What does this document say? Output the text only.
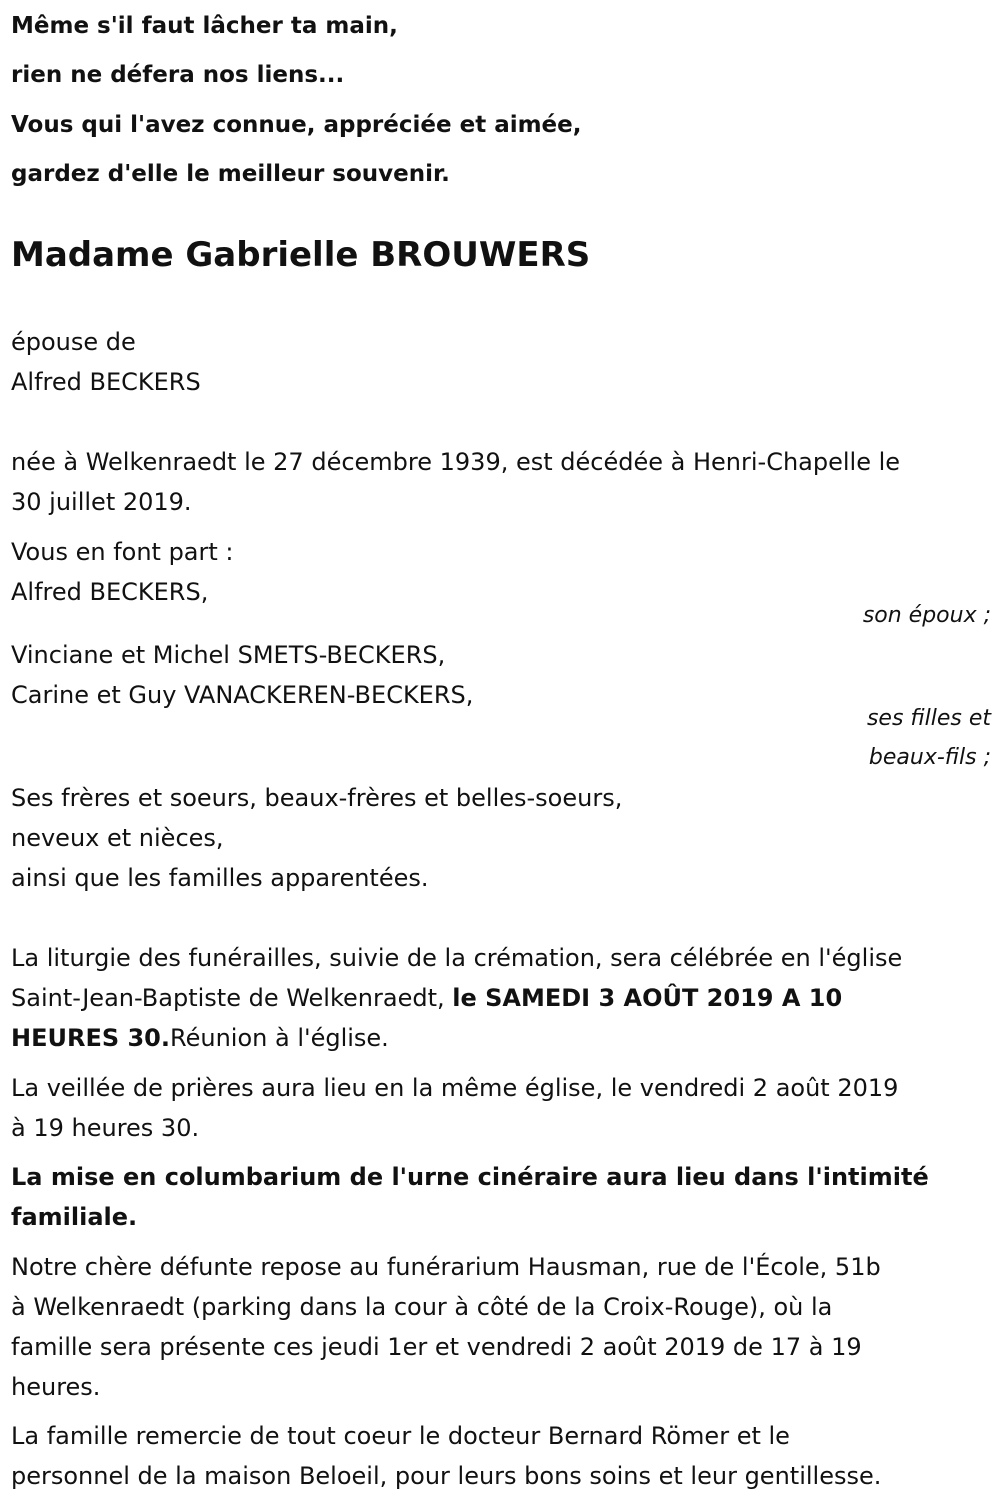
Même s'il faut lâcher ta main,
rien ne défera nos liens...
Vous qui l'avez connue, appréciée et aimée,
gardez d'elle le meilleur souvenir.
Madame Gabrielle BROUWERS
épouse de
Alfred BECKERS
née à Welkenraedt le 27 décembre 1939, est décédée à Henri-Chapelle le
30 juillet 2019.
Vous en font part :
Alfred BECKERS,
son époux ;
Vinciane et Michel SMETS-BECKERS,
Carine et Guy VANACKEREN-BECKERS,
ses filles et
beaux-fils ;
Ses frères et soeurs, beaux-frères et belles-soeurs,
neveux et nièces,
ainsi que les familles apparentées.
La liturgie des funérailles, suivie de la crémation, sera célébrée en l'église
Saint-Jean-Baptiste de Welkenraedt, le SAMEDI 3 AOÛT 2019 A 10
HEURES 30.Réunion à l'église.
La veillée de prières aura lieu en la même église, le vendredi 2 août 2019
à 19 heures 30.
La mise en columbarium de l'urne cinéraire aura lieu dans l'intimité
familiale.
Notre chère défunte repose au funérarium Hausman, rue de l'École, 51b
à Welkenraedt (parking dans la cour à côté de la Croix-Rouge), où la
famille sera présente ces jeudi 1er et vendredi 2 août 2019 de 17 à 19
heures.
La famille remercie de tout coeur le docteur Bernard Römer et le
personnel de la maison Beloeil, pour leurs bons soins et leur gentillesse.
